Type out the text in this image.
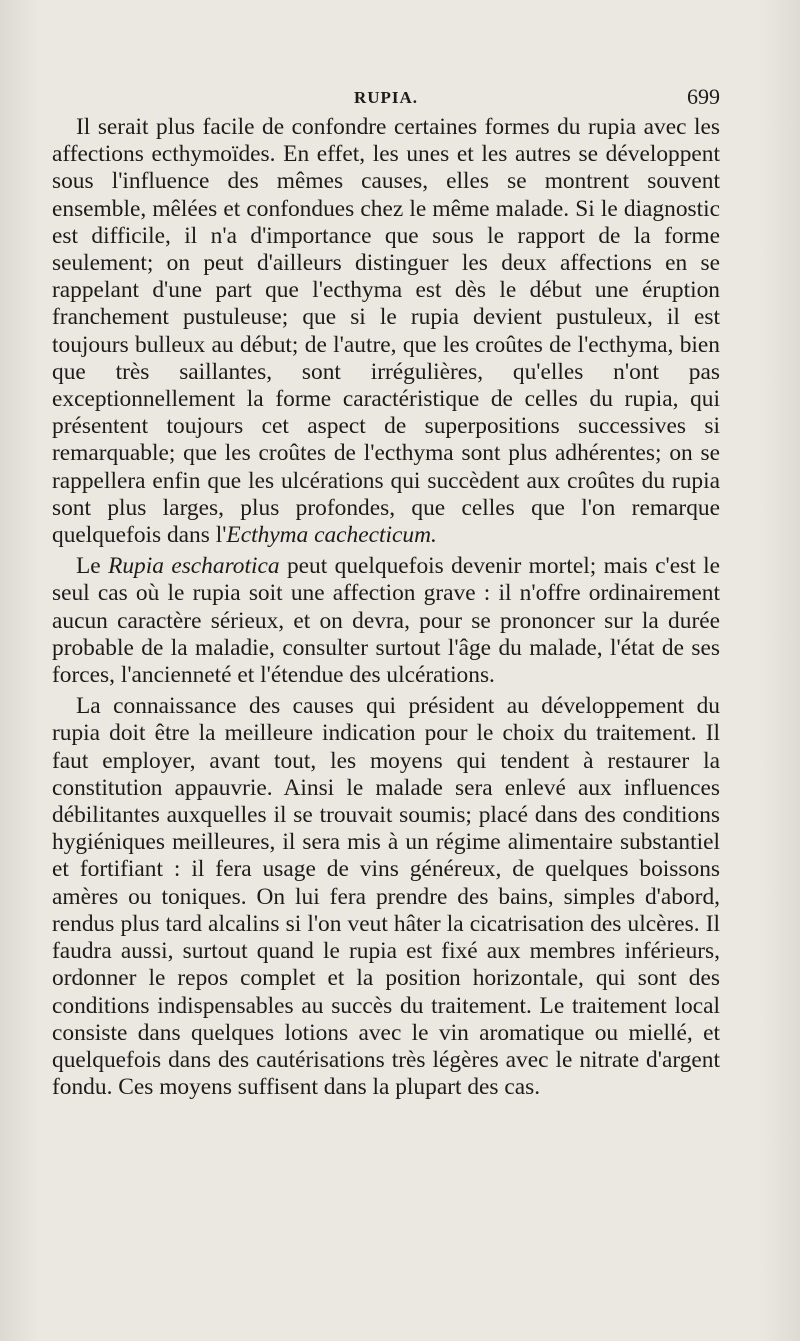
RUPIA.	699

Il serait plus facile de confondre certaines formes du rupia avec les affections ecthymoïdes. En effet, les unes et les autres se développent sous l'influence des mêmes causes, elles se montrent souvent ensemble, mêlées et confondues chez le même malade. Si le diagnostic est difficile, il n'a d'importance que sous le rapport de la forme seulement; on peut d'ailleurs distinguer les deux affections en se rappelant d'une part que l'ecthyma est dès le début une éruption franchement pustuleuse; que si le rupia devient pustuleux, il est toujours bulleux au début; de l'autre, que les croûtes de l'ecthyma, bien que très saillantes, sont irrégulières, qu'elles n'ont pas exceptionnellement la forme caractéristique de celles du rupia, qui présentent toujours cet aspect de superpositions successives si remarquable; que les croûtes de l'ecthyma sont plus adhérentes; on se rappellera enfin que les ulcérations qui succèdent aux croûtes du rupia sont plus larges, plus profondes, que celles que l'on remarque quelquefois dans l'Ecthyma cachecticum.

Le Rupia escharotica peut quelquefois devenir mortel; mais c'est le seul cas où le rupia soit une affection grave : il n'offre ordinairement aucun caractère sérieux, et on devra, pour se prononcer sur la durée probable de la maladie, consulter surtout l'âge du malade, l'état de ses forces, l'ancienneté et l'étendue des ulcérations.

La connaissance des causes qui président au développement du rupia doit être la meilleure indication pour le choix du traitement. Il faut employer, avant tout, les moyens qui tendent à restaurer la constitution appauvrie. Ainsi le malade sera enlevé aux influences débilitantes auxquelles il se trouvait soumis; placé dans des conditions hygiéniques meilleures, il sera mis à un régime alimentaire substantiel et fortifiant : il fera usage de vins généreux, de quelques boissons amères ou toniques. On lui fera prendre des bains, simples d'abord, rendus plus tard alcalins si l'on veut hâter la cicatrisation des ulcères. Il faudra aussi, surtout quand le rupia est fixé aux membres inférieurs, ordonner le repos complet et la position horizontale, qui sont des conditions indispensables au succès du traitement. Le traitement local consiste dans quelques lotions avec le vin aromatique ou miellé, et quelquefois dans des cautérisations très légères avec le nitrate d'argent fondu. Ces moyens suffisent dans la plupart des cas.
